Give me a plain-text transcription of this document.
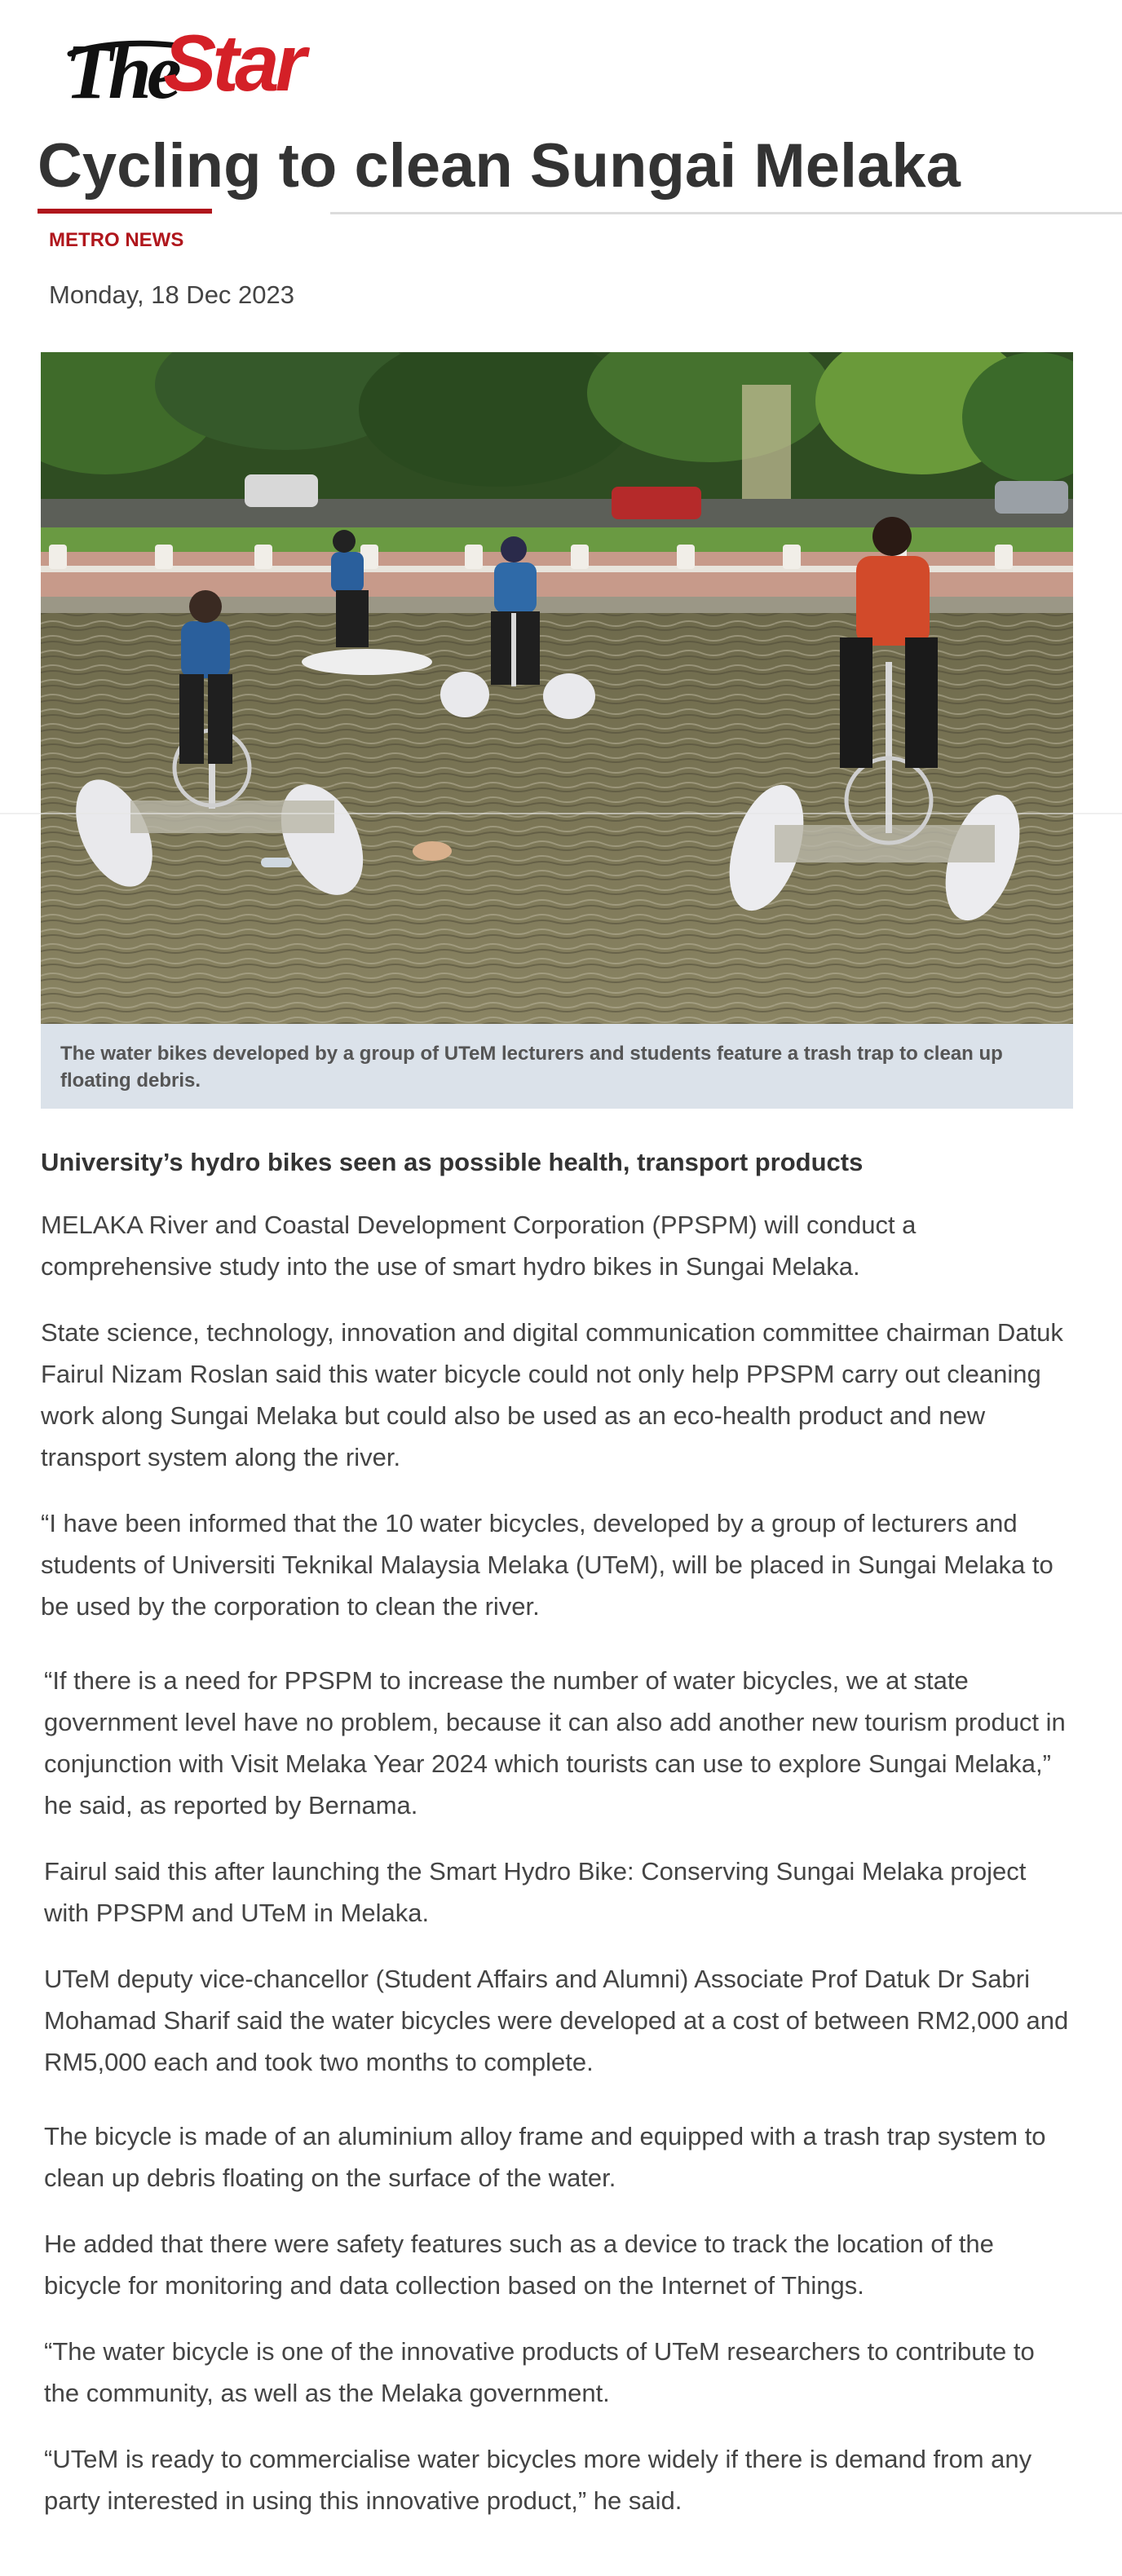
The
Star
Cycling to clean Sungai Melaka
METRO NEWS
Monday, 18 Dec 2023
The water bikes developed by a group of UTeM lecturers and students feature a trash trap to clean up floating debris.

University’s hydro bikes seen as possible health, transport products

MELAKA River and Coastal Development Corporation (PPSPM) will conduct a comprehensive study into the use of smart hydro bikes in Sungai Melaka.

State science, technology, innovation and digital communication committee chairman Datuk Fairul Nizam Roslan said this water bicycle could not only help PPSPM carry out cleaning work along Sungai Melaka but could also be used as an eco-health product and new transport system along the river.

“I have been informed that the 10 water bicycles, developed by a group of lecturers and students of Universiti Teknikal Malaysia Melaka (UTeM), will be placed in Sungai Melaka to be used by the corporation to clean the river.

“If there is a need for PPSPM to increase the number of water bicycles, we at state government level have no problem, because it can also add another new tourism product in conjunction with Visit Melaka Year 2024 which tourists can use to explore Sungai Melaka,” he said, as reported by Bernama.

Fairul said this after launching the Smart Hydro Bike: Conserving Sungai Melaka project with PPSPM and UTeM in Melaka.

UTeM deputy vice-chancellor (Student Affairs and Alumni) Associate Prof Datuk Dr Sabri Mohamad Sharif said the water bicycles were developed at a cost of between RM2,000 and RM5,000 each and took two months to complete.

The bicycle is made of an aluminium alloy frame and equipped with a trash trap system to clean up debris floating on the surface of the water.

He added that there were safety features such as a device to track the location of the bicycle for monitoring and data collection based on the Internet of Things.

“The water bicycle is one of the innovative products of UTeM researchers to contribute to the community, as well as the Melaka government.

“UTeM is ready to commercialise water bicycles more widely if there is demand from any party interested in using this innovative product,” he said.
